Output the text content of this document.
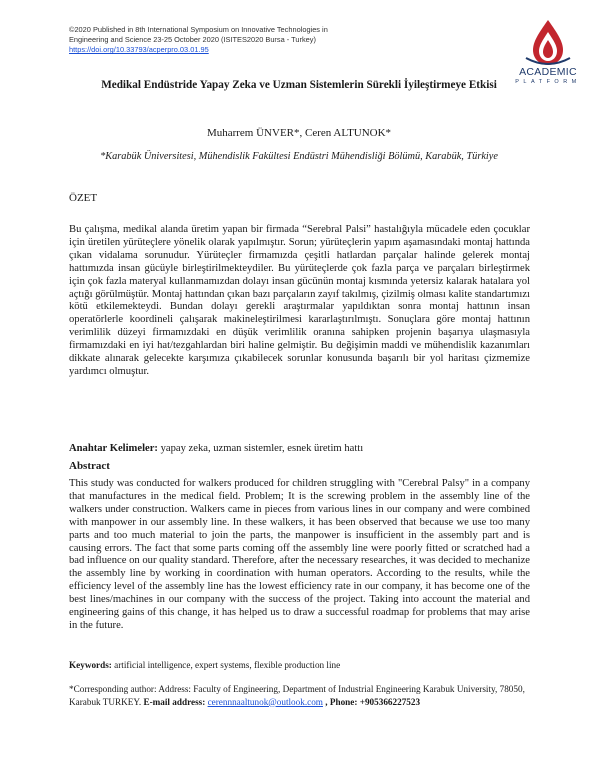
©2020 Published in 8th International Symposium on Innovative Technologies in
Engineering and Science 23-25 October 2020 (ISITES2020 Bursa - Turkey)
https://doi.org/10.33793/acperpro.03.01.95
ACADEMIC
PLATFORM
Medikal Endüstride Yapay Zeka ve Uzman Sistemlerin Sürekli İyileştirmeye Etkisi
Muharrem ÜNVER*, Ceren ALTUNOK*
*Karabük Üniversitesi, Mühendislik Fakültesi Endüstri Mühendisliği Bölümü, Karabük, Türkiye
ÖZET
Bu çalışma, medikal alanda üretim yapan bir firmada “Serebral Palsi” hastalığıyla mücadele eden çocuklar için üretilen yürüteçlere yönelik olarak yapılmıştır. Sorun; yürüteçlerin yapım aşamasındaki montaj hattında çıkan vidalama sorunudur. Yürüteçler firmamızda çeşitli hatlardan parçalar halinde gelerek montaj hattımızda insan gücüyle birleştirilmekteydiler. Bu yürüteçlerde çok fazla parça ve parçaları birleştirmek için çok fazla materyal kullanmamızdan dolayı insan gücünün montaj kısmında yetersiz kalarak hatalara yol açtığı görülmüştür. Montaj hattından çıkan bazı parçaların zayıf takılmış, çizilmiş olması kalite standartımızı kötü etkilemekteydi. Bundan dolayı gerekli araştırmalar yapıldıktan sonra montaj hattının insan operatörlerle koordineli çalışarak makineleştirilmesi kararlaştırılmıştı. Sonuçlara göre montaj hattının verimlilik düzeyi firmamızdaki en düşük verimlilik oranına sahipken projenin başarıya ulaşmasıyla firmamızdaki en iyi hat/tezgahlardan biri haline gelmiştir. Bu değişimin maddi ve mühendislik kazanımları dikkate alınarak gelecekte karşımıza çıkabilecek sorunlar konusunda başarılı bir yol haritası çizmemize yardımcı olmuştur.
Anahtar Kelimeler: yapay zeka, uzman sistemler, esnek üretim hattı
Abstract
This study was conducted for walkers produced for children struggling with "Cerebral Palsy" in a company that manufactures in the medical field. Problem; It is the screwing problem in the assembly line of the walkers under construction. Walkers came in pieces from various lines in our company and were combined with manpower in our assembly line. In these walkers, it has been observed that because we use too many parts and too much material to join the parts, the manpower is insufficient in the assembly part and is causing errors. The fact that some parts coming off the assembly line were poorly fitted or scratched had a bad influence on our quality standard. Therefore, after the necessary researches, it was decided to mechanize the assembly line by working in coordination with human operators. According to the results, while the efficiency level of the assembly line has the lowest efficiency rate in our company, it has become one of the best lines/machines in our company with the success of the project. Taking into account the material and engineering gains of this change, it has helped us to draw a successful roadmap for problems that may arise in the future.
Keywords: artificial intelligence, expert systems, flexible production line
*Corresponding author: Address: Faculty of Engineering, Department of Industrial Engineering Karabuk University, 78050, Karabuk TURKEY. E-mail address: cerennnaaltunok@outlook.com , Phone: +905366227523
